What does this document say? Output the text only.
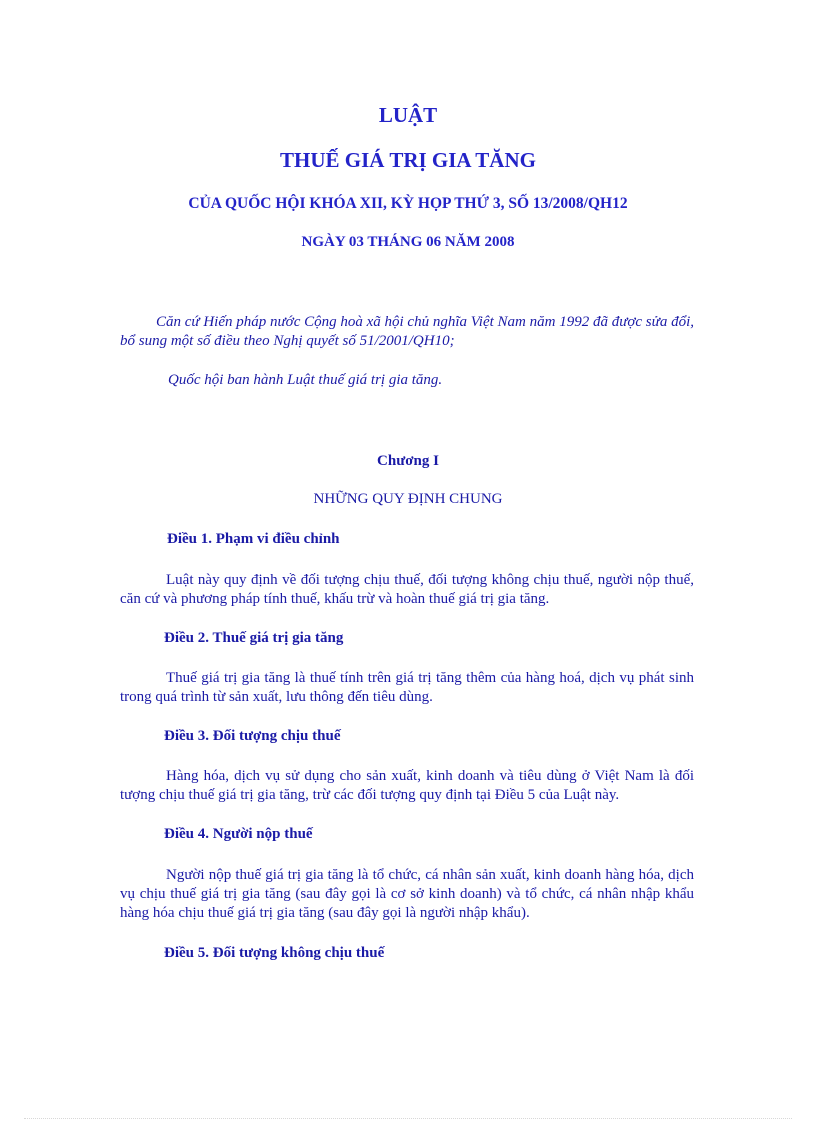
LUẬT
THUẾ GIÁ TRỊ GIA TĂNG
CỦA QUỐC HỘI KHÓA XII, KỲ HỌP THỨ 3, SỐ 13/2008/QH12
NGÀY 03 THÁNG 06 NĂM 2008
Căn cứ Hiến pháp nước Cộng hoà xã hội chủ nghĩa Việt Nam năm 1992 đã được sửa đổi, bổ sung một số điều theo Nghị quyết số 51/2001/QH10;
Quốc hội ban hành Luật thuế giá trị gia tăng.
Chương I
NHỮNG QUY ĐỊNH CHUNG
Điều 1. Phạm vi điều chỉnh
Luật này quy định về đối tượng chịu thuế, đối tượng không chịu thuế, người nộp thuế, căn cứ và phương pháp tính thuế, khấu trừ và hoàn thuế giá trị gia tăng.
Điều 2. Thuế giá trị gia tăng
Thuế giá trị gia tăng là thuế tính trên giá trị tăng thêm của hàng hoá, dịch vụ phát sinh trong quá trình từ sản xuất, lưu thông đến tiêu dùng.
Điều 3. Đối tượng chịu thuế
Hàng hóa, dịch vụ sử dụng cho sản xuất, kinh doanh và tiêu dùng ở Việt Nam là đối tượng chịu thuế giá trị gia tăng, trừ các đối tượng quy định tại Điều 5 của Luật này.
Điều 4. Người nộp thuế
Người nộp thuế giá trị gia tăng là tổ chức, cá nhân sản xuất, kinh doanh hàng hóa, dịch vụ chịu thuế giá trị gia tăng (sau đây gọi là cơ sở kinh doanh) và tổ chức, cá nhân nhập khẩu hàng hóa chịu thuế giá trị gia tăng (sau đây gọi là người nhập khẩu).
Điều 5. Đối tượng không chịu thuế
